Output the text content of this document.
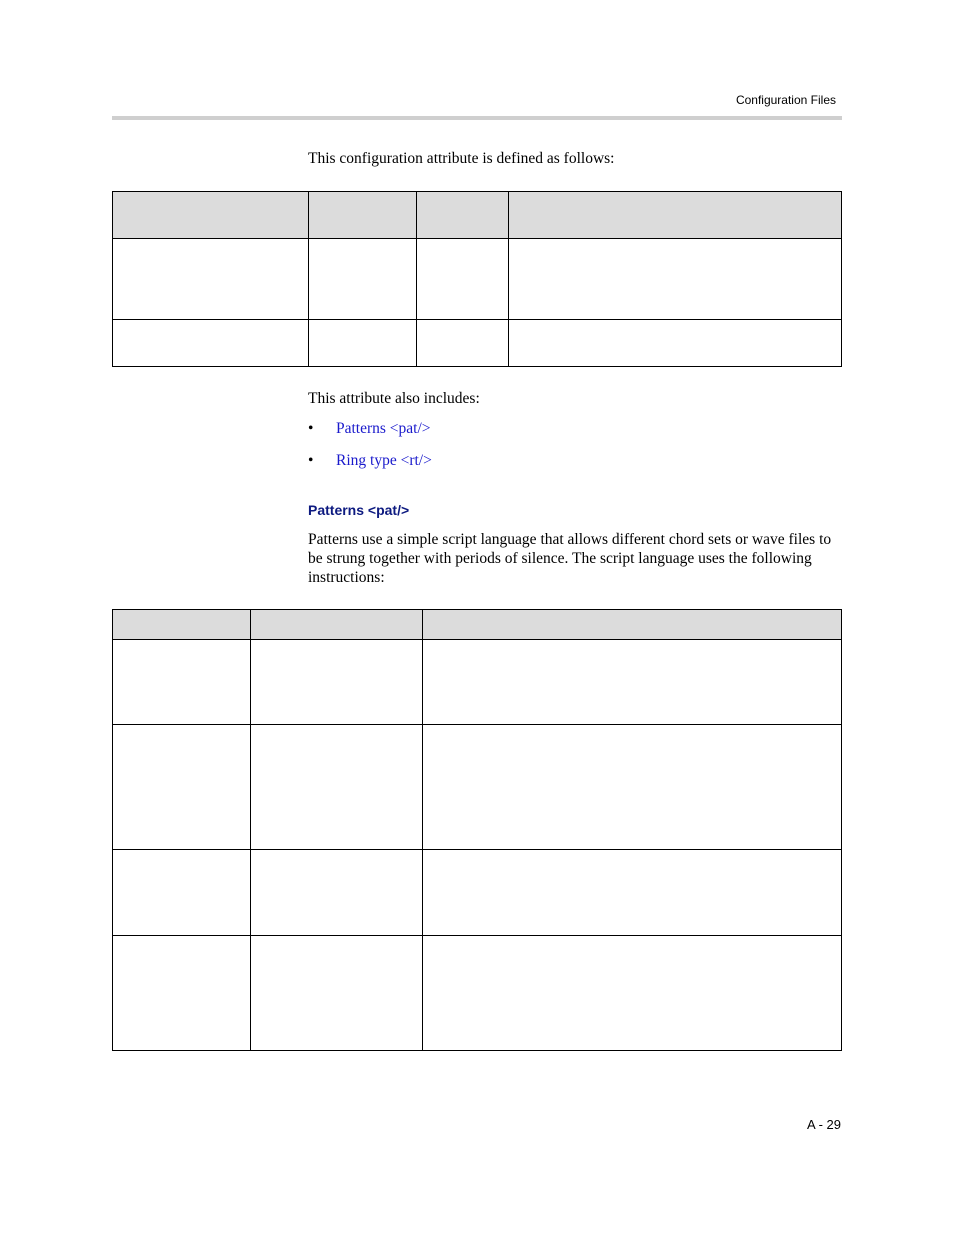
Configuration Files
This configuration attribute is defined as follows:

This attribute also includes:
• Patterns <pat/>
• Ring type <rt/>
Patterns <pat/>
Patterns use a simple script language that allows different chord sets or wave files to be strung together with periods of silence. The script language uses the following instructions:

A - 29
